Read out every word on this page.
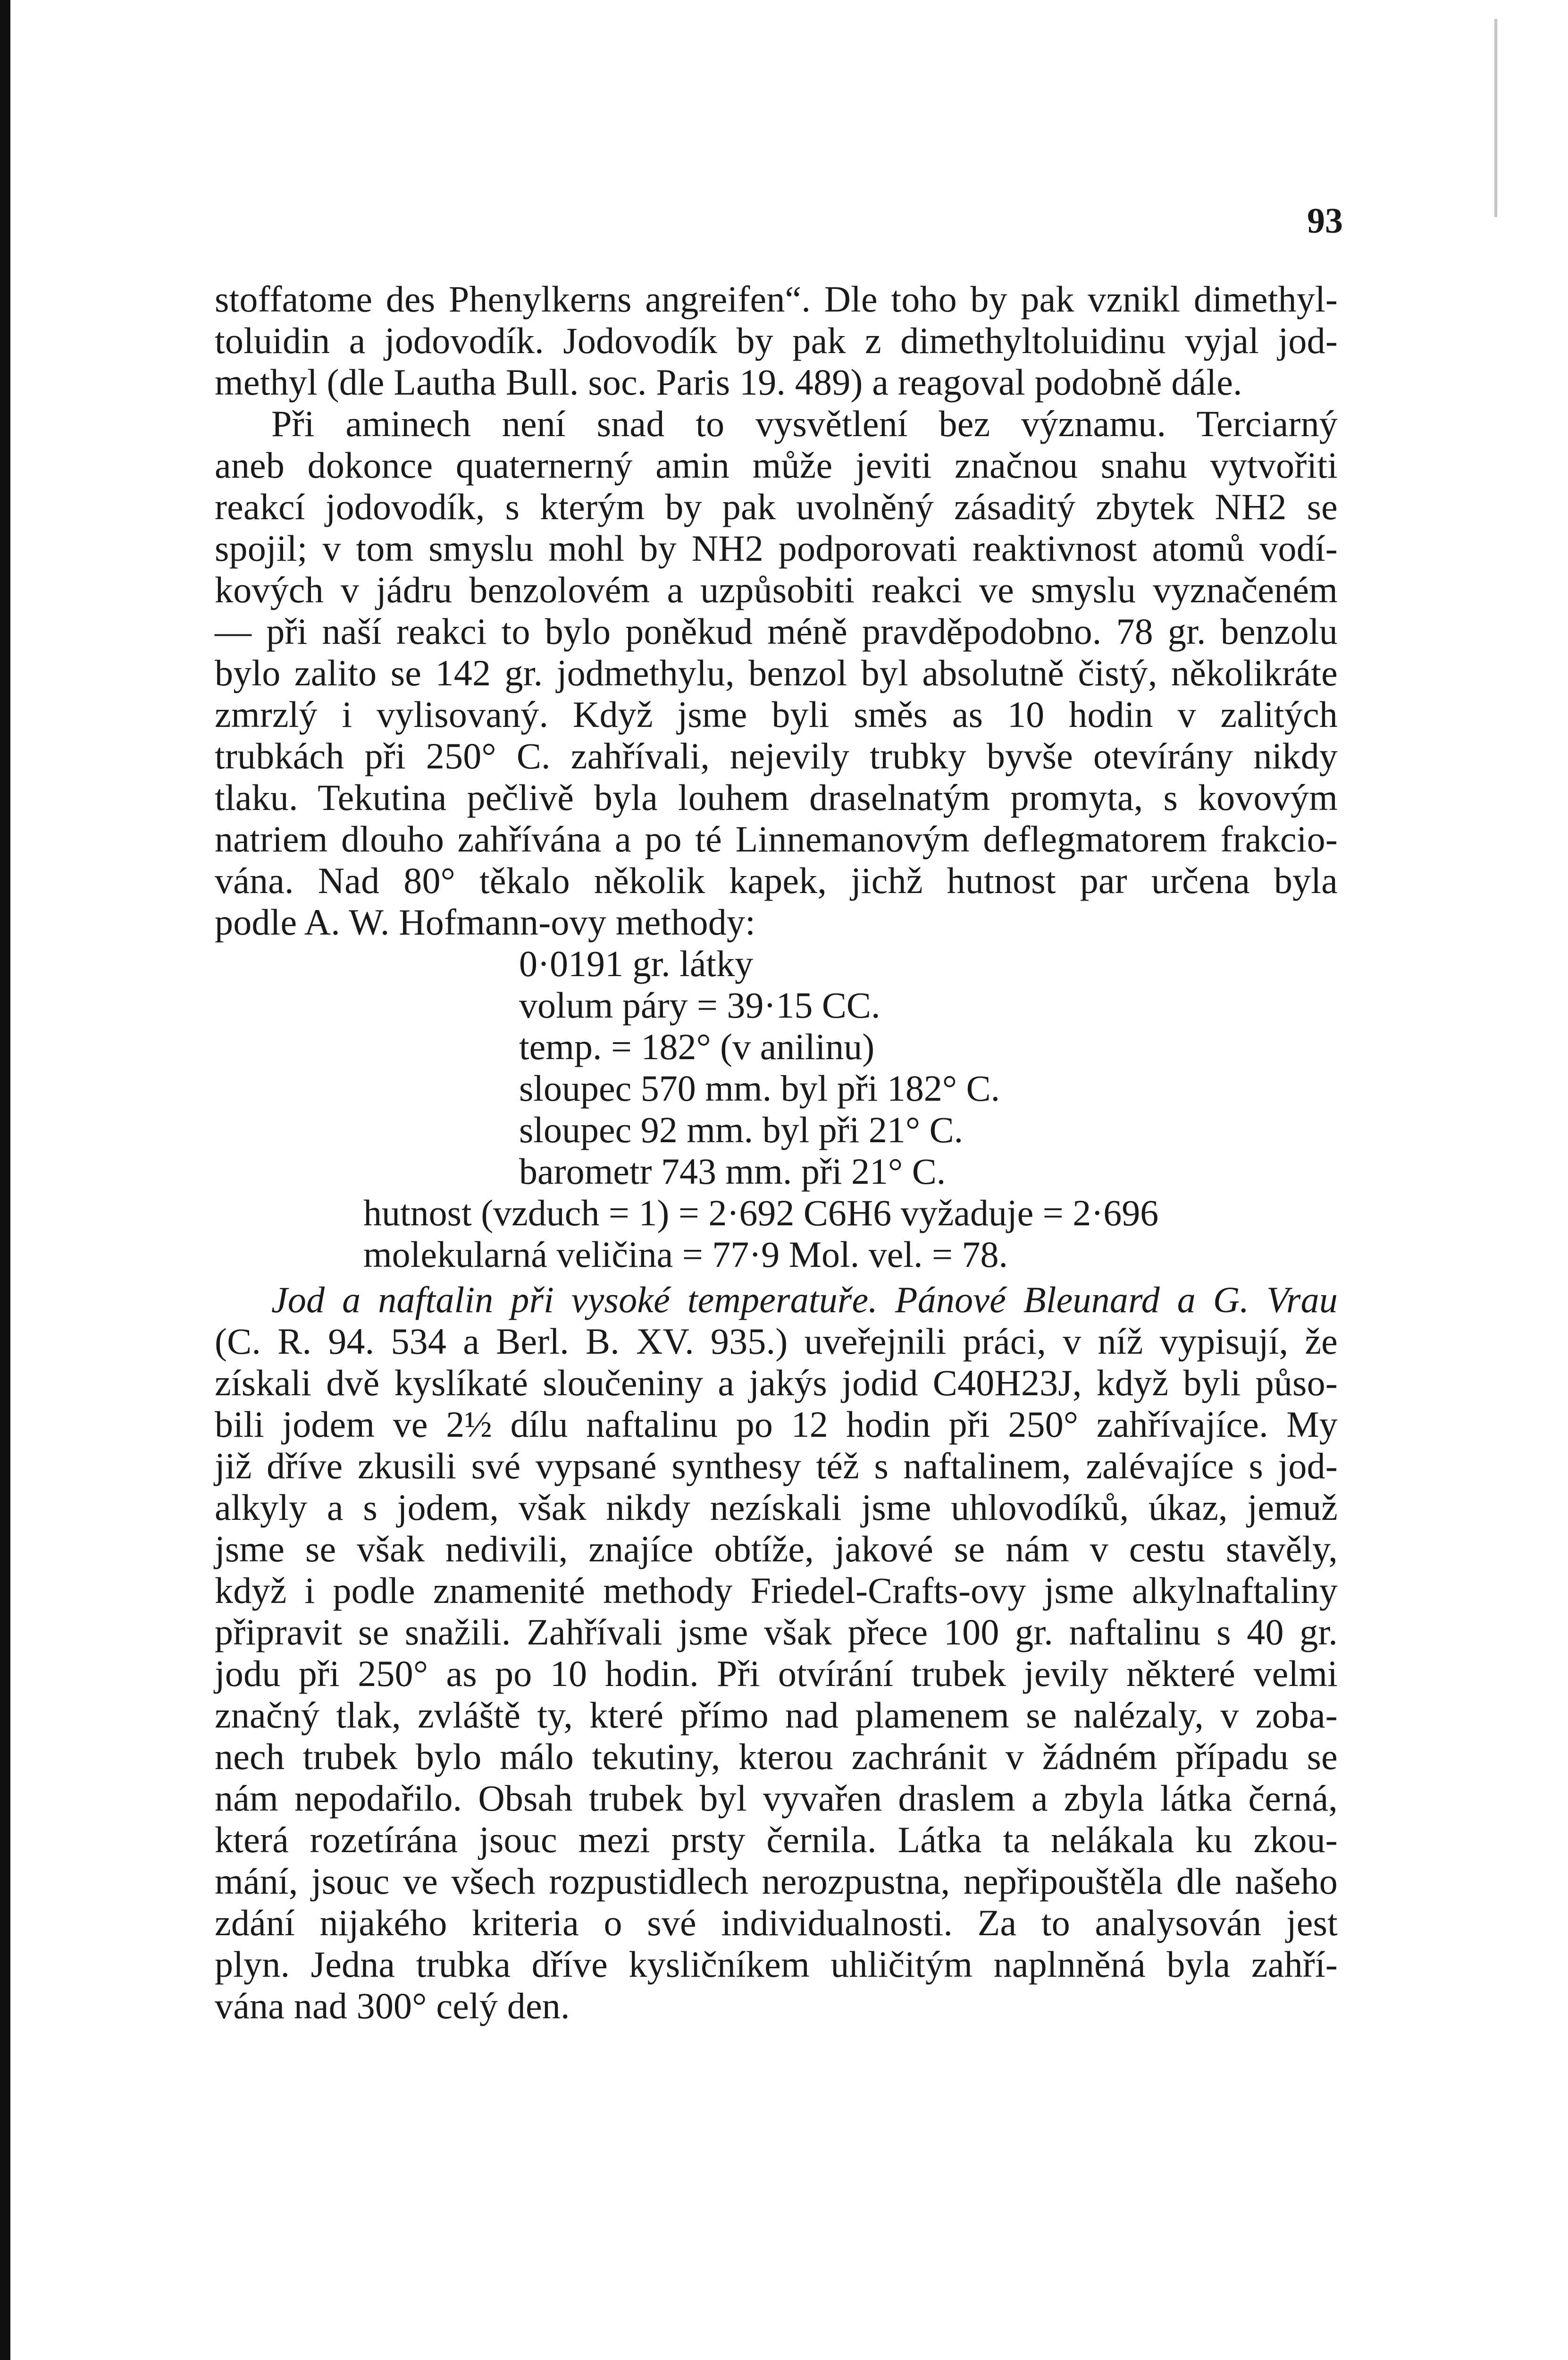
93
stoffatome des Phenylkerns angreifen“. Dle toho by pak vznikl dimethyl-
toluidin a jodovodík. Jodovodík by pak z dimethyltoluidinu vyjal jod-
methyl (dle Lautha Bull. soc. Paris 19. 489) a reagoval podobně dále.
Při aminech není snad to vysvětlení bez významu. Terciarný
aneb dokonce quaternerný amin může jeviti značnou snahu vytvořiti
reakcí jodovodík, s kterým by pak uvolněný zásaditý zbytek NH2 se
spojil; v tom smyslu mohl by NH2 podporovati reaktivnost atomů vodí-
kových v jádru benzolovém a uzpůsobiti reakci ve smyslu vyznačeném
— při naší reakci to bylo poněkud méně pravděpodobno. 78 gr. benzolu
bylo zalito se 142 gr. jodmethylu, benzol byl absolutně čistý, několikráte
zmrzlý i vylisovaný. Když jsme byli směs as 10 hodin v zalitých
trubkách při 250° C. zahřívali, nejevily trubky byvše otevírány nikdy
tlaku. Tekutina pečlivě byla louhem draselnatým promyta, s kovovým
natriem dlouho zahřívána a po té Linnemanovým deflegmatorem frakcio-
vána. Nad 80° těkalo několik kapek, jichž hutnost par určena byla
podle A. W. Hofmann-ovy methody:
0·0191 gr. látky
volum páry = 39·15 CC.
temp. = 182° (v anilinu)
sloupec 570 mm. byl při 182° C.
sloupec 92 mm. byl při 21° C.
barometr 743 mm. při 21° C.
hutnost (vzduch = 1) = 2·692 C6H6 vyžaduje = 2·696
molekularná veličina = 77·9 Mol. vel. = 78.
Jod a naftalin při vysoké temperatuře. Pánové Bleunard a G. Vrau
(C. R. 94. 534 a Berl. B. XV. 935.) uveřejnili práci, v níž vypisují, že
získali dvě kyslíkaté sloučeniny a jakýs jodid C40H23J, když byli půso-
bili jodem ve 2½ dílu naftalinu po 12 hodin při 250° zahřívajíce. My
již dříve zkusili své vypsané synthesy též s naftalinem, zalévajíce s jod-
alkyly a s jodem, však nikdy nezískali jsme uhlovodíků, úkaz, jemuž
jsme se však nedivili, znajíce obtíže, jakové se nám v cestu stavěly,
když i podle znamenité methody Friedel-Crafts-ovy jsme alkylnaftaliny
připravit se snažili. Zahřívali jsme však přece 100 gr. naftalinu s 40 gr.
jodu při 250° as po 10 hodin. Při otvírání trubek jevily některé velmi
značný tlak, zvláště ty, které přímo nad plamenem se nalézaly, v zoba-
nech trubek bylo málo tekutiny, kterou zachránit v žádném případu se
nám nepodařilo. Obsah trubek byl vyvařen draslem a zbyla látka černá,
která rozetírána jsouc mezi prsty černila. Látka ta nelákala ku zkou-
mání, jsouc ve všech rozpustidlech nerozpustna, nepřipouštěla dle našeho
zdání nijakého kriteria o své individualnosti. Za to analysován jest
plyn. Jedna trubka dříve kysličníkem uhličitým naplnněná byla zahří-
vána nad 300° celý den.
